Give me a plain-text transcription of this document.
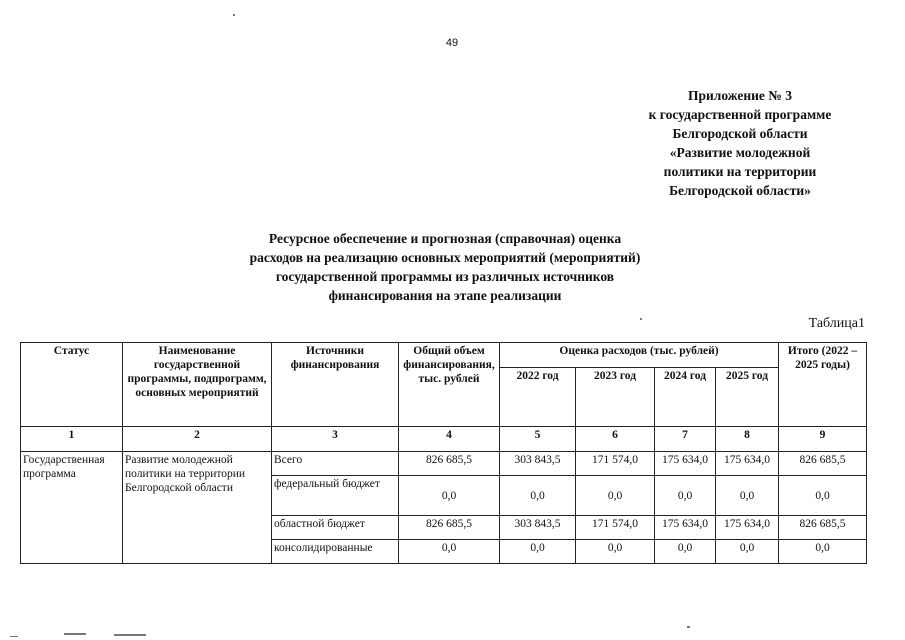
49
Приложение № 3
к государственной программе
Белгородской области
«Развитие молодежной
политики на территории
Белгородской области»
Ресурсное обеспечение и прогнозная (справочная) оценка
расходов на реализацию основных мероприятий (мероприятий)
государственной программы из различных источников
финансирования на этапе реализации
Таблица1
Статус	Наименование государственной программы, подпрограмм, основных мероприятий	Источники финансирования	Общий объем финансирования, тыс. рублей	Оценка расходов (тыс. рублей)				Итого (2022 – 2025 годы)
				2022 год	2023 год	2024 год	2025 год	
1	2	3	4	5	6	7	8	9
Государственная программа	Развитие молодежной политики на территории Белгородской области	Всего	826 685,5	303 843,5	171 574,0	175 634,0	175 634,0	826 685,5
		федеральный бюджет	0,0	0,0	0,0	0,0	0,0	0,0
		областной бюджет	826 685,5	303 843,5	171 574,0	175 634,0	175 634,0	826 685,5
		консолидированные	0,0	0,0	0,0	0,0	0,0	0,0
